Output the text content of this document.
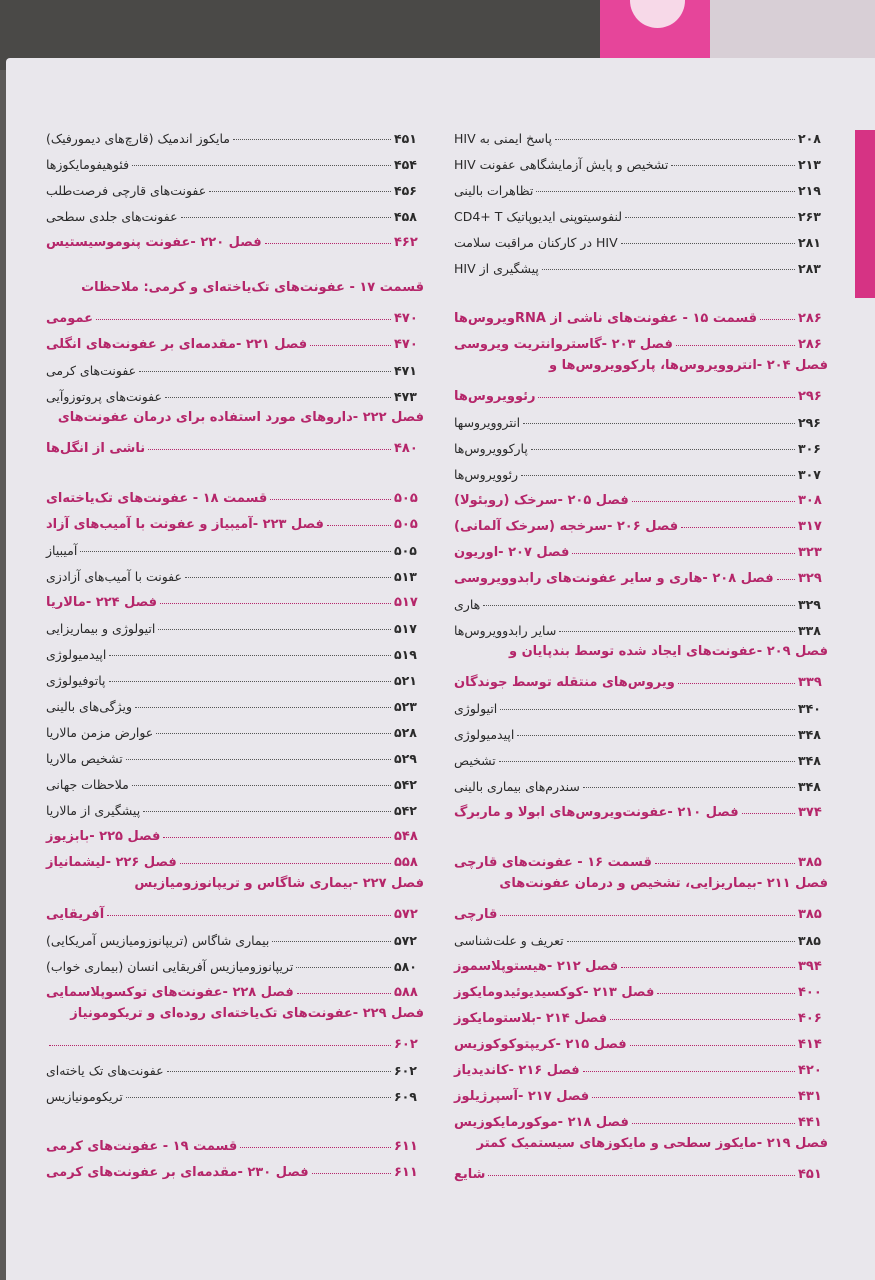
پاسخ ایمنی به HIV	۲۰۸
تشخیص و پایش آزمایشگاهی عفونت HIV	۲۱۳
تظاهرات بالینی	۲۱۹
لنفوسیتوپنی ایدیوپاتیک CD4+ T	۲۶۳
HIV در کارکنان مراقبت سلامت	۲۸۱
پیشگیری از HIV	۲۸۳
قسمت ۱۵ - عفونت‌های ناشی از RNAویروس‌ها	۲۸۶
فصل ۲۰۳ -گاستروانتریت ویروسی	۲۸۶
فصل ۲۰۴ -انتروویروس‌ها، پارکوویروس‌ها و
رئوویروس‌ها	۲۹۶
انتروویروسها	۲۹۶
پارکوویروس‌ها	۳۰۶
رئوویروس‌ها	۳۰۷
فصل ۲۰۵ -سرخک (روبئولا)	۳۰۸
فصل ۲۰۶ -سرخجه (سرخک آلمانی)	۳۱۷
فصل ۲۰۷ -اوریون	۳۲۳
فصل ۲۰۸ -هاری و سایر عفونت‌های رابدوویروسی ۳۲۹
هاری	۳۲۹
سایر رابدوویروس‌ها	۳۳۸
فصل ۲۰۹ -عفونت‌های ایجاد شده توسط بندپایان و
ویروس‌های منتقله توسط جوندگان	۳۳۹
اتیولوژی	۳۴۰
اپیدمیولوژی	۳۴۸
تشخیص	۳۴۸
سندرم‌های بیماری بالینی	۳۴۸
فصل ۲۱۰ -عفونت‌ویروس‌های ابولا و ماربرگ	۳۷۴
قسمت ۱۶ - عفونت‌های قارچی	۳۸۵
فصل ۲۱۱ -بیماریزایی، تشخیص و درمان عفونت‌های
قارچی	۳۸۵
تعریف و علت‌شناسی	۳۸۵
فصل ۲۱۲ -هیستوپلاسموز	۳۹۴
فصل ۲۱۳ -کوکسیدیوئیدومایکوز	۴۰۰
فصل ۲۱۴ -بلاستومایکوز	۴۰۶
فصل ۲۱۵ -کریپتوکوکوزیس	۴۱۴
فصل ۲۱۶ -کاندیدیاز	۴۲۰
فصل ۲۱۷ -آسپرژیلوز	۴۳۱
فصل ۲۱۸ -موکورمایکوزیس	۴۴۱
فصل ۲۱۹ -مایکوز سطحی و مایکوزهای سیستمیک کمتر
شایع	۴۵۱
مایکوز اندمیک (قارچ‌های دیمورفیک)	۴۵۱
فئوهیفومایکوزها	۴۵۴
عفونت‌های قارچی فرصت‌طلب	۴۵۶
عفونت‌های جلدی سطحی	۴۵۸
فصل ۲۲۰ -عفونت پنوموسیستیس	۴۶۲
قسمت ۱۷ - عفونت‌های تک‌یاخته‌ای و کرمی: ملاحظات
عمومی	۴۷۰
فصل ۲۲۱ -مقدمه‌ای بر عفونت‌های انگلی	۴۷۰
عفونت‌های کرمی	۴۷۱
عفونت‌های پروتوزوآیی	۴۷۳
فصل ۲۲۲ -داروهای مورد استفاده برای درمان عفونت‌های
ناشی از انگل‌ها	۴۸۰
قسمت ۱۸ - عفونت‌های تک‌یاخته‌ای	۵۰۵
فصل ۲۲۳ -آمیبیاز و عفونت با آمیب‌های آزاد	۵۰۵
آمیبیاز	۵۰۵
عفونت با آمیب‌های آزادزی	۵۱۳
فصل ۲۲۴ -مالاریا	۵۱۷
اتیولوژی و بیماریزایی	۵۱۷
اپیدمیولوژی	۵۱۹
پاتوفیولوژی	۵۲۱
ویژگی‌های بالینی	۵۲۳
عوارض مزمن مالاریا	۵۲۸
تشخیص مالاریا	۵۲۹
ملاحظات جهانی	۵۴۲
پیشگیری از مالاریا	۵۴۲
فصل ۲۲۵ -بابزیوز	۵۴۸
فصل ۲۲۶ -لیشمانیاز	۵۵۸
فصل ۲۲۷ -بیماری شاگاس و تریپانوزومیازیس
آفریقایی	۵۷۲
بیماری شاگاس (تریپانوزومیازیس آمریکایی)	۵۷۲
تریپانوزومیازیس آفریقایی انسان (بیماری خواب)	۵۸۰
فصل ۲۲۸ -عفونت‌های توکسوپلاسمایی	۵۸۸
فصل ۲۲۹ -عفونت‌های تک‌یاخته‌ای روده‌ای و تریکومونیاز
۶۰۲
عفونت‌های تک یاخته‌ای	۶۰۲
تریکومونیازیس	۶۰۹
قسمت ۱۹ - عفونت‌های کرمی	۶۱۱
فصل ۲۳۰ -مقدمه‌ای بر عفونت‌های کرمی	۶۱۱
